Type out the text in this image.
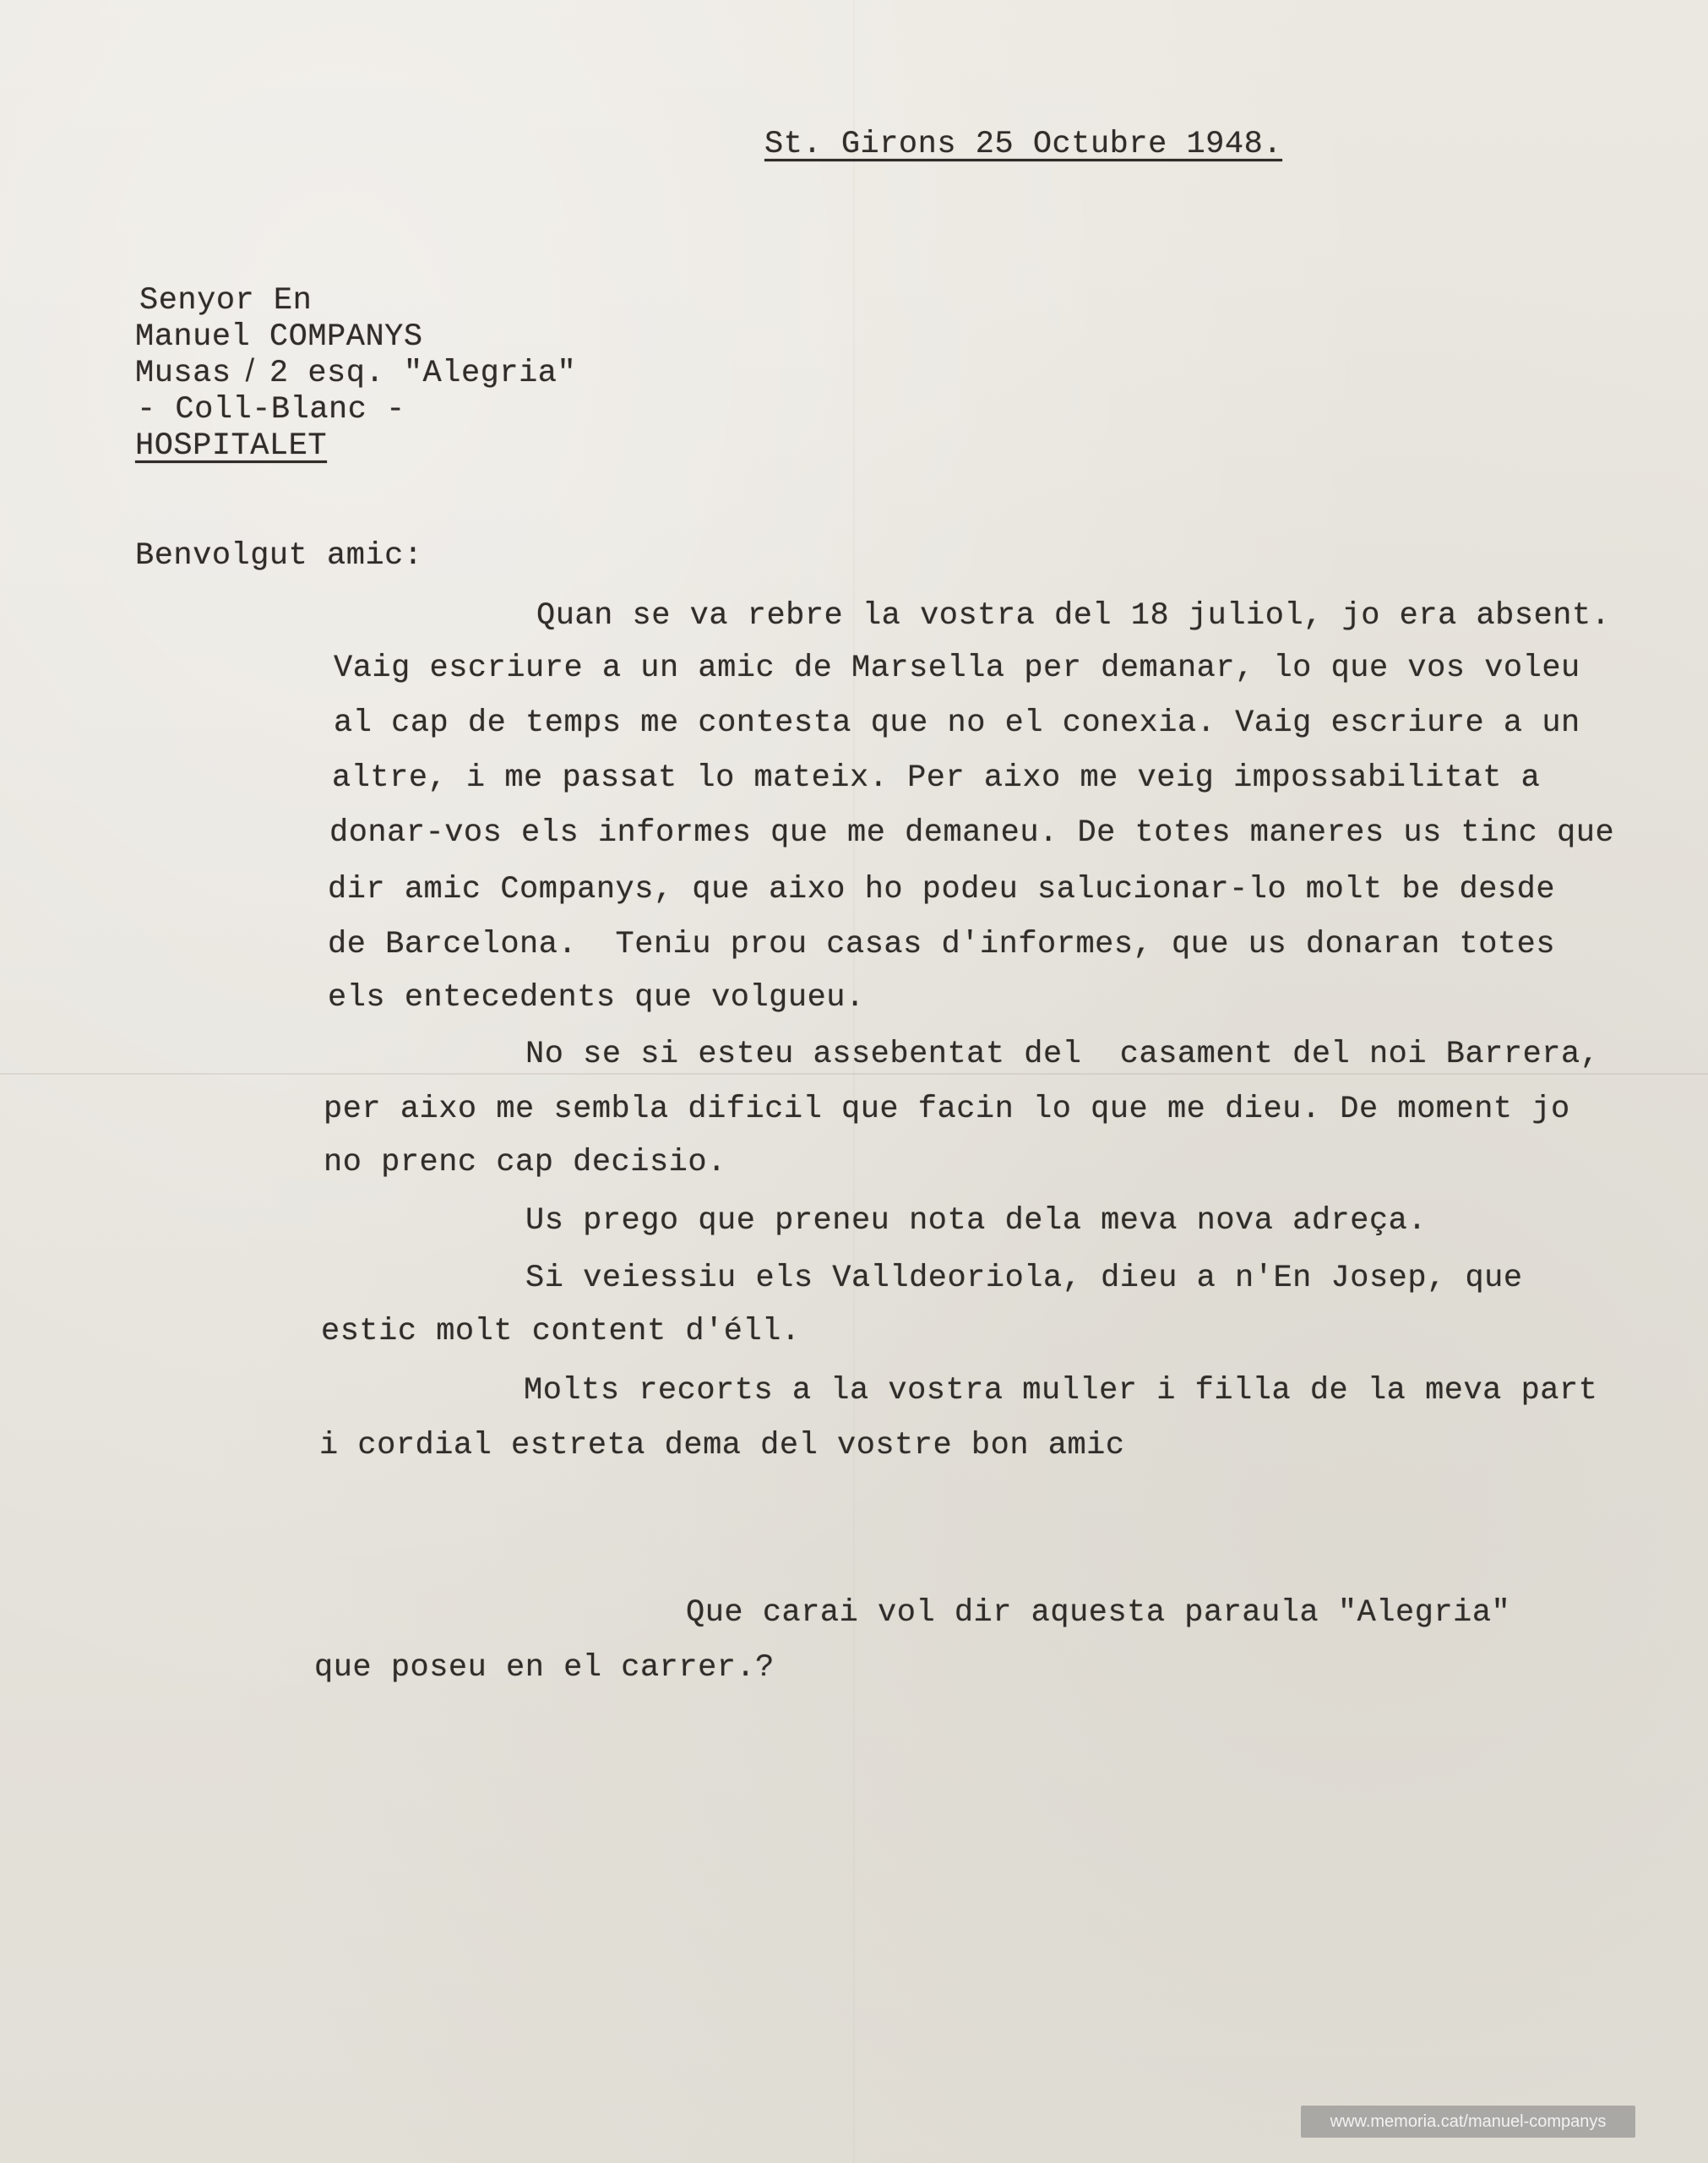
St. Girons 25 Octubre 1948.
Senyor En
Manuel COMPANYS
Musas ̸ 2 esq. "Alegria"
- Coll-Blanc -
HOSPITALET
Benvolgut amic:
Quan se va rebre la vostra del 18 juliol, jo era absent.
Vaig escriure a un amic de Marsella per demanar, lo que vos voleu
al cap de temps me contesta que no el conexia. Vaig escriure a un
altre, i me passat lo mateix. Per aixo me veig impossabilitat a
donar-vos els informes que me demaneu. De totes maneres us tinc que
dir amic Companys, que aixo ho podeu salucionar-lo molt be desde
de Barcelona.  Teniu prou casas d'informes, que us donaran totes
els entecedents que volgueu.
No se si esteu assebentat del  casament del noi Barrera,
per aixo me sembla dificil que facin lo que me dieu. De moment jo
no prenc cap decisio.
Us prego que preneu nota dela meva nova adreça.
Si veiessiu els Valldeoriola, dieu a n'En Josep, que
estic molt content d'éll.
Molts recorts a la vostra muller i filla de la meva part
i cordial estreta dema del vostre bon amic
Que carai vol dir aquesta paraula "Alegria"
que poseu en el carrer.?
www.memoria.cat/manuel-companys
